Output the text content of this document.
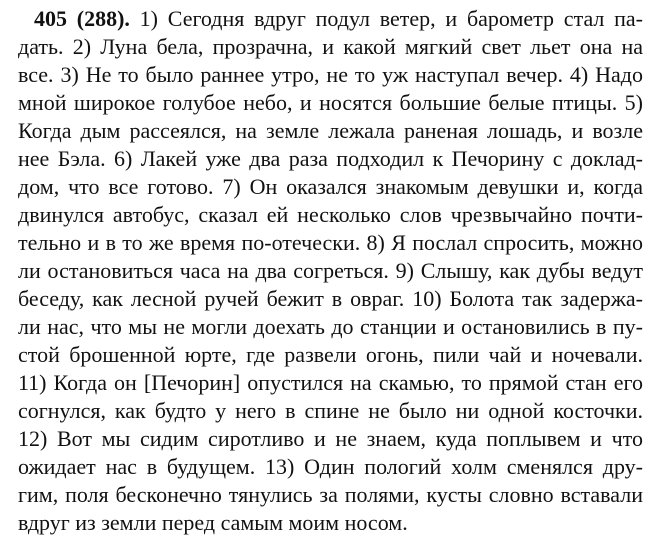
405 (288). 1) Сегодня вдруг подул ветер, и барометр стал па-
дать. 2) Луна бела, прозрачна, и какой мягкий свет льет она на
все. 3) Не то было раннее утро, не то уж наступал вечер. 4) Надо
мной широкое голубое небо, и носятся большие белые птицы. 5)
Когда дым рассеялся, на земле лежала раненая лошадь, и возле
нее Бэла. 6) Лакей уже два раза подходил к Печорину с доклад-
дом, что все готово. 7) Он оказался знакомым девушки и, когда
двинулся автобус, сказал ей несколько слов чрезвычайно почти-
тельно и в то же время по-отечески. 8) Я послал спросить, можно
ли остановиться часа на два согреться. 9) Слышу, как дубы ведут
беседу, как лесной ручей бежит в овраг. 10) Болота так задержа-
ли нас, что мы не могли доехать до станции и остановились в пу-
стой брошенной юрте, где развели огонь, пили чай и ночевали.
11) Когда он [Печорин] опустился на скамью, то прямой стан его
согнулся, как будто у него в спине не было ни одной косточки.
12) Вот мы сидим сиротливо и не знаем, куда поплывем и что
ожидает нас в будущем. 13) Один пологий холм сменялся дру-
гим, поля бесконечно тянулись за полями, кусты словно вставали
вдруг из земли перед самым моим носом.
